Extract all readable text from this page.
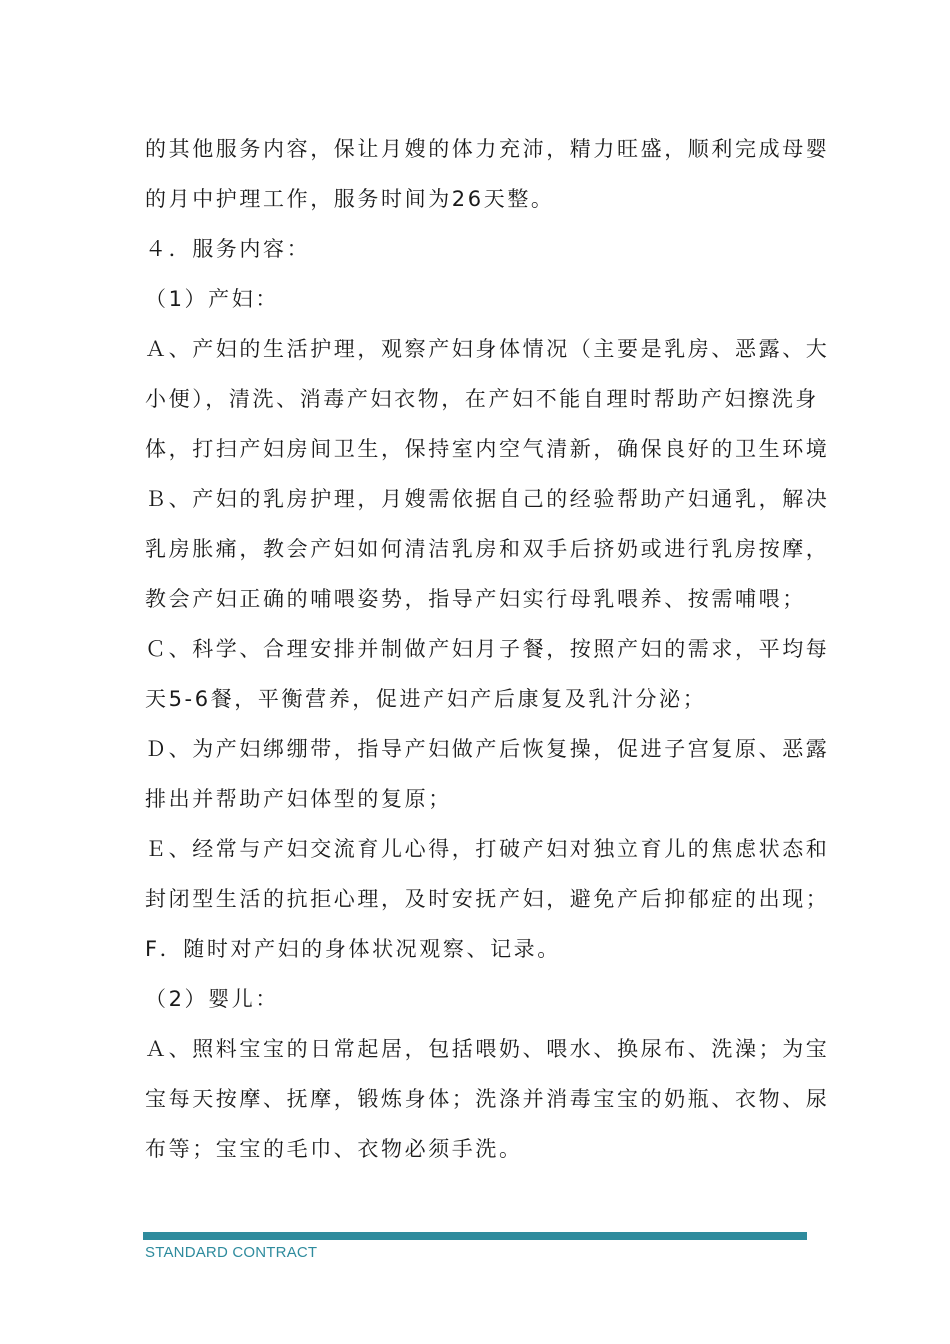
的其他服务内容，保让月嫂的体力充沛，精力旺盛，顺利完成母婴
的月中护理工作，服务时间为26天整。
４．服务内容：
（1）产妇：
Ａ、产妇的生活护理，观察产妇身体情况（主要是乳房、恶露、大
小便），清洗、消毒产妇衣物，在产妇不能自理时帮助产妇擦洗身
体，打扫产妇房间卫生，保持室内空气清新，确保良好的卫生环境
Ｂ、产妇的乳房护理，月嫂需依据自己的经验帮助产妇通乳，解决
乳房胀痛，教会产妇如何清洁乳房和双手后挤奶或进行乳房按摩，
教会产妇正确的哺喂姿势，指导产妇实行母乳喂养、按需哺喂；
Ｃ、科学、合理安排并制做产妇月子餐，按照产妇的需求，平均每
天5-6餐，平衡营养，促进产妇产后康复及乳汁分泌；
Ｄ、为产妇绑绷带，指导产妇做产后恢复操，促进子宫复原、恶露
排出并帮助产妇体型的复原；
Ｅ、经常与产妇交流育儿心得，打破产妇对独立育儿的焦虑状态和
封闭型生活的抗拒心理，及时安抚产妇，避免产后抑郁症的出现；
F．随时对产妇的身体状况观察、记录。
（2）婴儿：
Ａ、照料宝宝的日常起居，包括喂奶、喂水、换尿布、洗澡；为宝
宝每天按摩、抚摩，锻炼身体；洗涤并消毒宝宝的奶瓶、衣物、尿
布等；宝宝的毛巾、衣物必须手洗。
STANDARD CONTRACT
